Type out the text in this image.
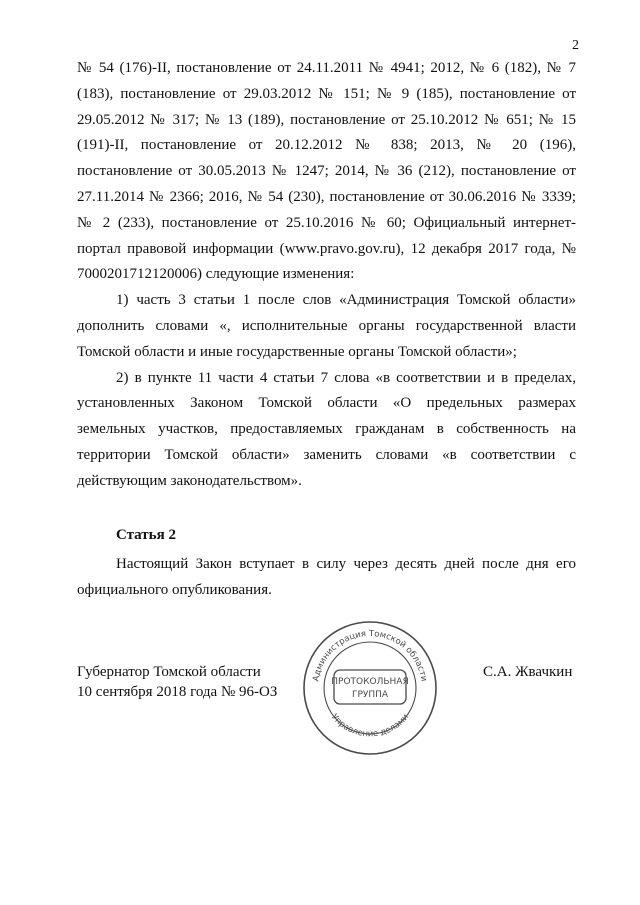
2

№ 54 (176)-II, постановление от 24.11.2011 № 4941; 2012, № 6 (182), № 7 (183), постановление от 29.03.2012 № 151; № 9 (185), постановление от 29.05.2012 № 317; № 13 (189), постановление от 25.10.2012 № 651; № 15 (191)-II, постановление от 20.12.2012 № 838; 2013, № 20 (196), постановление от 30.05.2013 № 1247; 2014, № 36 (212), постановление от 27.11.2014 № 2366; 2016, № 54 (230), постановление от 30.06.2016 № 3339; № 2 (233), постановление от 25.10.2016 № 60; Официальный интернет-портал правовой информации (www.pravo.gov.ru), 12 декабря 2017 года, № 7000201712120006) следующие изменения:

1) часть 3 статьи 1 после слов «Администрация Томской области» дополнить словами «, исполнительные органы государственной власти Томской области и иные государственные органы Томской области»;

2) в пункте 11 части 4 статьи 7 слова «в соответствии и в пределах, установленных Законом Томской области «О предельных размерах земельных участков, предоставляемых гражданам в собственность на территории Томской области» заменить словами «в соответствии с действующим законодательством».

Статья 2

Настоящий Закон вступает в силу через десять дней после дня его официального опубликования.

Губернатор Томской области
10 сентября 2018 года № 96-ОЗ
С.А. Жвачкин
Администрация Томской области
Управление делами
ПРОТОКОЛЬНАЯ
ГРУППА
